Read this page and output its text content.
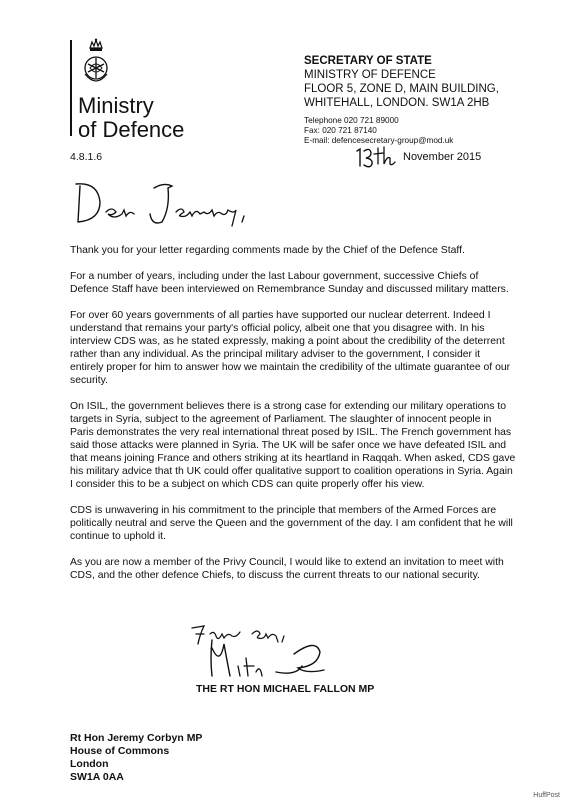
Ministry
of Defence
4.8.1.6
SECRETARY OF STATE
MINISTRY OF DEFENCE
FLOOR 5, ZONE D, MAIN BUILDING,
WHITEHALL, LONDON. SW1A 2HB
Telephone 020 721 89000
Fax: 020 721 87140
E-mail: defencesecretary-group@mod.uk
November 2015

Thank you for your letter regarding comments made by the Chief of the Defence Staff.

For a number of years, including under the last Labour government, successive Chiefs of Defence Staff have been interviewed on Remembrance Sunday and discussed military matters.

For over 60 years governments of all parties have supported our nuclear deterrent. Indeed I understand that remains your party's official policy, albeit one that you disagree with. In his interview CDS was, as he stated expressly, making a point about the credibility of the deterrent rather than any individual. As the principal military adviser to the government, I consider it entirely proper for him to answer how we maintain the credibility of the ultimate guarantee of our security.

On ISIL, the government believes there is a strong case for extending our military operations to targets in Syria, subject to the agreement of Parliament. The slaughter of innocent people in Paris demonstrates the very real international threat posed by ISIL. The French government has said those attacks were planned in Syria. The UK will be safer once we have defeated ISIL and that means joining France and others striking at its heartland in Raqqah. When asked, CDS gave his military advice that th UK could offer qualitative support to coalition operations in Syria. Again I consider this to be a subject on which CDS can quite properly offer his view.

CDS is unwavering in his commitment to the principle that members of the Armed Forces are politically neutral and serve the Queen and the government of the day. I am confident that he will continue to uphold it.

As you are now a member of the Privy Council, I would like to extend an invitation to meet with CDS, and the other defence Chiefs, to discuss the current threats to our national security.

THE RT HON MICHAEL FALLON MP
Rt Hon Jeremy Corbyn MP
House of Commons
London
SW1A 0AA
HuffPost
